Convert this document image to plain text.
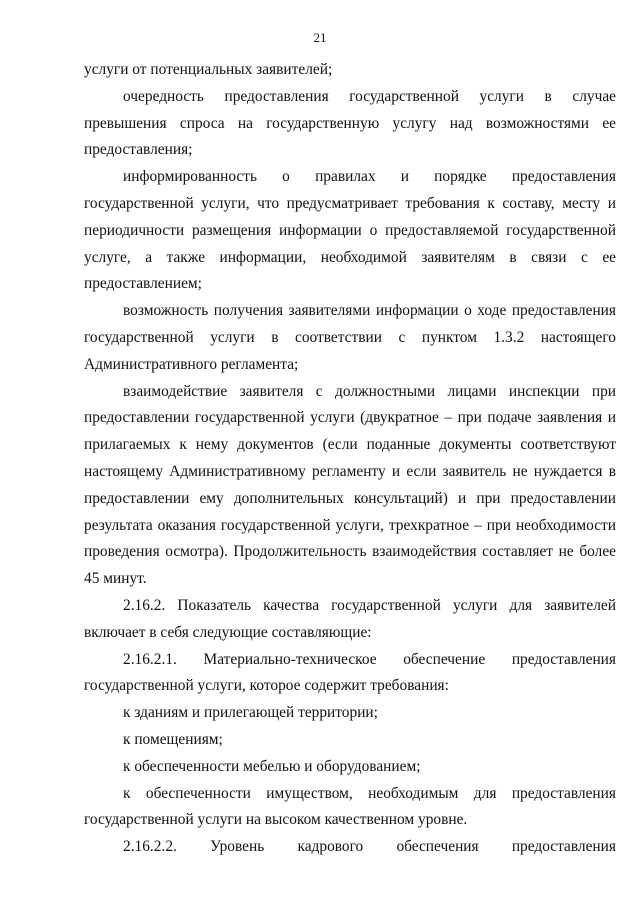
21

услуги от потенциальных заявителей;

очередность предоставления государственной услуги в случае превышения спроса на государственную услугу над возможностями ее предоставления;

информированность о правилах и порядке предоставления государственной услуги, что предусматривает требования к составу, месту и периодичности размещения информации о предоставляемой государственной услуге, а также информации, необходимой заявителям в связи с ее предоставлением;

возможность получения заявителями информации о ходе предоставления государственной услуги в соответствии с пунктом 1.3.2 настоящего Административного регламента;

взаимодействие заявителя с должностными лицами инспекции при предоставлении государственной услуги (двукратное – при подаче заявления и прилагаемых к нему документов (если поданные документы соответствуют настоящему Административному регламенту и если заявитель не нуждается в предоставлении ему дополнительных консультаций) и при предоставлении результата оказания государственной услуги, трехкратное – при необходимости проведения осмотра). Продолжительность взаимодействия составляет не более 45 минут.

2.16.2. Показатель качества государственной услуги для заявителей включает в себя следующие составляющие:

2.16.2.1. Материально-техническое обеспечение предоставления государственной услуги, которое содержит требования:

к зданиям и прилегающей территории;

к помещениям;

к обеспеченности мебелью и оборудованием;

к обеспеченности имуществом, необходимым для предоставления государственной услуги на высоком качественном уровне.

2.16.2.2. Уровень кадрового обеспечения предоставления
